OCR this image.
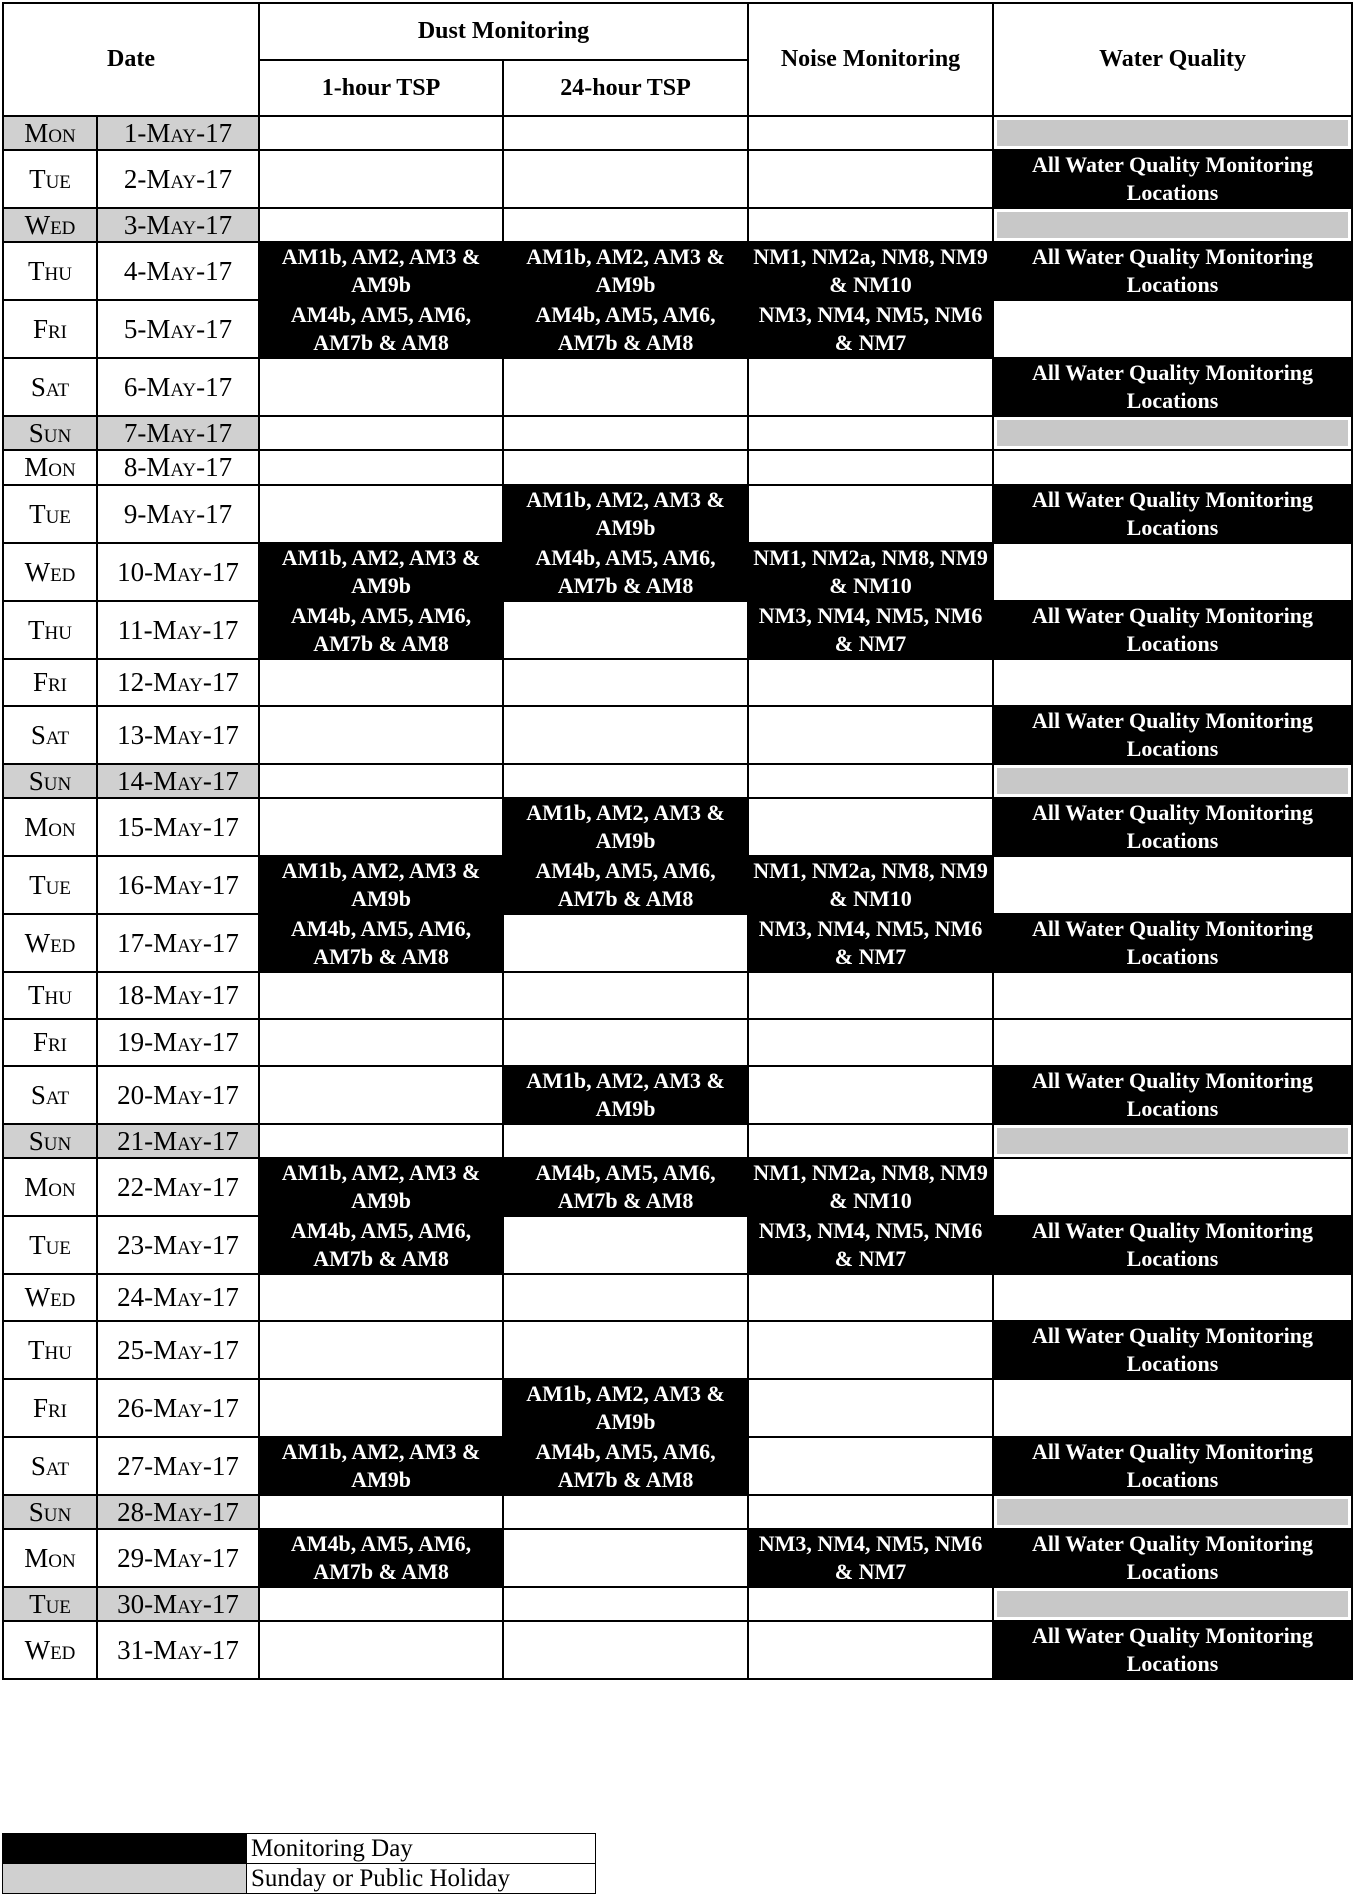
Date		Dust Monitoring		Noise Monitoring	Water Quality
		1-hour TSP	24-hour TSP		
Mon	1-May-17				

Tue	2-May-17				All Water Quality Monitoring Locations
Wed	3-May-17				

Thu	4-May-17	AM1b, AM2, AM3 & AM9b	AM1b, AM2, AM3 & AM9b	NM1, NM2a, NM8, NM9 & NM10	All Water Quality Monitoring Locations
Fri	5-May-17	AM4b, AM5, AM6, AM7b & AM8	AM4b, AM5, AM6, AM7b & AM8	NM3, NM4, NM5, NM6 & NM7	
Sat	6-May-17				All Water Quality Monitoring Locations
Sun	7-May-17				

Mon	8-May-17				
Tue	9-May-17		AM1b, AM2, AM3 & AM9b		All Water Quality Monitoring Locations
Wed	10-May-17	AM1b, AM2, AM3 & AM9b	AM4b, AM5, AM6, AM7b & AM8	NM1, NM2a, NM8, NM9 & NM10	
Thu	11-May-17	AM4b, AM5, AM6, AM7b & AM8		NM3, NM4, NM5, NM6 & NM7	All Water Quality Monitoring Locations
Fri	12-May-17				
Sat	13-May-17				All Water Quality Monitoring Locations
Sun	14-May-17				

Mon	15-May-17		AM1b, AM2, AM3 & AM9b		All Water Quality Monitoring Locations
Tue	16-May-17	AM1b, AM2, AM3 & AM9b	AM4b, AM5, AM6, AM7b & AM8	NM1, NM2a, NM8, NM9 & NM10	
Wed	17-May-17	AM4b, AM5, AM6, AM7b & AM8		NM3, NM4, NM5, NM6 & NM7	All Water Quality Monitoring Locations
Thu	18-May-17				
Fri	19-May-17				
Sat	20-May-17		AM1b, AM2, AM3 & AM9b		All Water Quality Monitoring Locations
Sun	21-May-17				

Mon	22-May-17	AM1b, AM2, AM3 & AM9b	AM4b, AM5, AM6, AM7b & AM8	NM1, NM2a, NM8, NM9 & NM10	
Tue	23-May-17	AM4b, AM5, AM6, AM7b & AM8		NM3, NM4, NM5, NM6 & NM7	All Water Quality Monitoring Locations
Wed	24-May-17				
Thu	25-May-17				All Water Quality Monitoring Locations
Fri	26-May-17		AM1b, AM2, AM3 & AM9b		
Sat	27-May-17	AM1b, AM2, AM3 & AM9b	AM4b, AM5, AM6, AM7b & AM8		All Water Quality Monitoring Locations
Sun	28-May-17				

Mon	29-May-17	AM4b, AM5, AM6, AM7b & AM8		NM3, NM4, NM5, NM6 & NM7	All Water Quality Monitoring Locations
Tue	30-May-17				

Wed	31-May-17				All Water Quality Monitoring Locations
	Monitoring Day
	Sunday or Public Holiday
